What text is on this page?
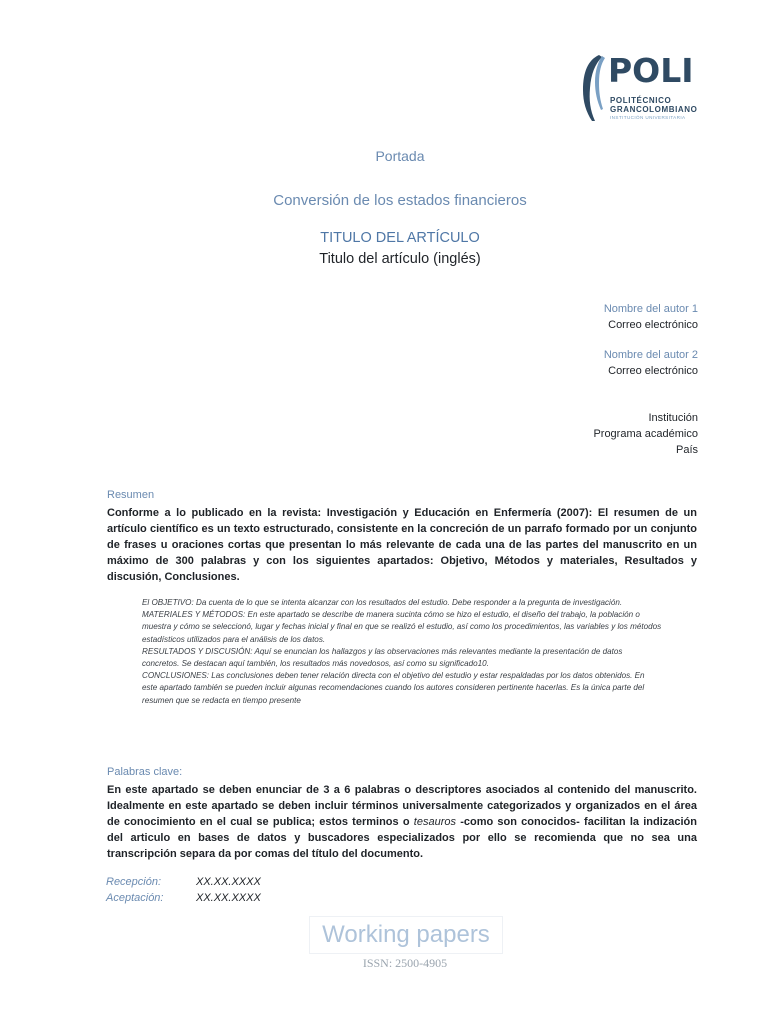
POLI
POLITÉCNICO
GRANCOLOMBIANO
INSTITUCIÓN UNIVERSITARIA
Portada
Conversión de los estados financieros
TITULO DEL ARTÍCULO
Titulo del artículo (inglés)
Nombre del autor 1
Correo electrónico
Nombre del autor 2
Correo electrónico
Institución
Programa académico
País
Resumen
Conforme a lo publicado en la revista: Investigación y Educación en Enfermería (2007): El resumen de un artículo científico es un texto estructurado, consistente en la concreción de un parrafo formado por un conjunto de frases u oraciones cortas que presentan lo más relevante de cada una de las partes del manuscrito en un máximo de 300 palabras y con los siguientes apartados: Objetivo, Métodos y materiales, Resultados y discusión, Conclusiones.
El OBJETIVO: Da cuenta de lo que se intenta alcanzar con los resultados del estudio. Debe responder a la pregunta de investigación.
MATERIALES Y MÉTODOS: En este apartado se describe de manera sucinta cómo se hizo el estudio, el diseño del trabajo, la población o muestra y cómo se seleccionó, lugar y fechas inicial y final en que se realizó el estudio, así como los procedimientos, las variables y los métodos estadísticos utilizados para el análisis de los datos.
RESULTADOS Y DISCUSIÓN: Aquí se enuncian los hallazgos y las observaciones más relevantes mediante la presentación de datos concretos. Se destacan aquí también, los resultados más novedosos, así como su significado10.
CONCLUSIONES: Las conclusiones deben tener relación directa con el objetivo del estudio y estar respaldadas por los datos obtenidos. En este apartado también se pueden incluir algunas recomendaciones cuando los autores consideren pertinente hacerlas. Es la única parte del resumen que se redacta en tiempo presente
Palabras clave:
En este apartado se deben enunciar de 3 a 6 palabras o descriptores asociados al contenido del manuscrito. Idealmente en este apartado se deben incluir términos universalmente categorizados y organizados en el área de conocimiento en el cual se publica; estos terminos o tesauros -como son conocidos- facilitan la indización del articulo en bases de datos y buscadores especializados por ello se recomienda que no sea una transcripción separa da por comas del título del documento.
Recepción:	XX.XX.XXXX
Aceptación:	XX.XX.XXXX
Working papers
ISSN: 2500-4905
